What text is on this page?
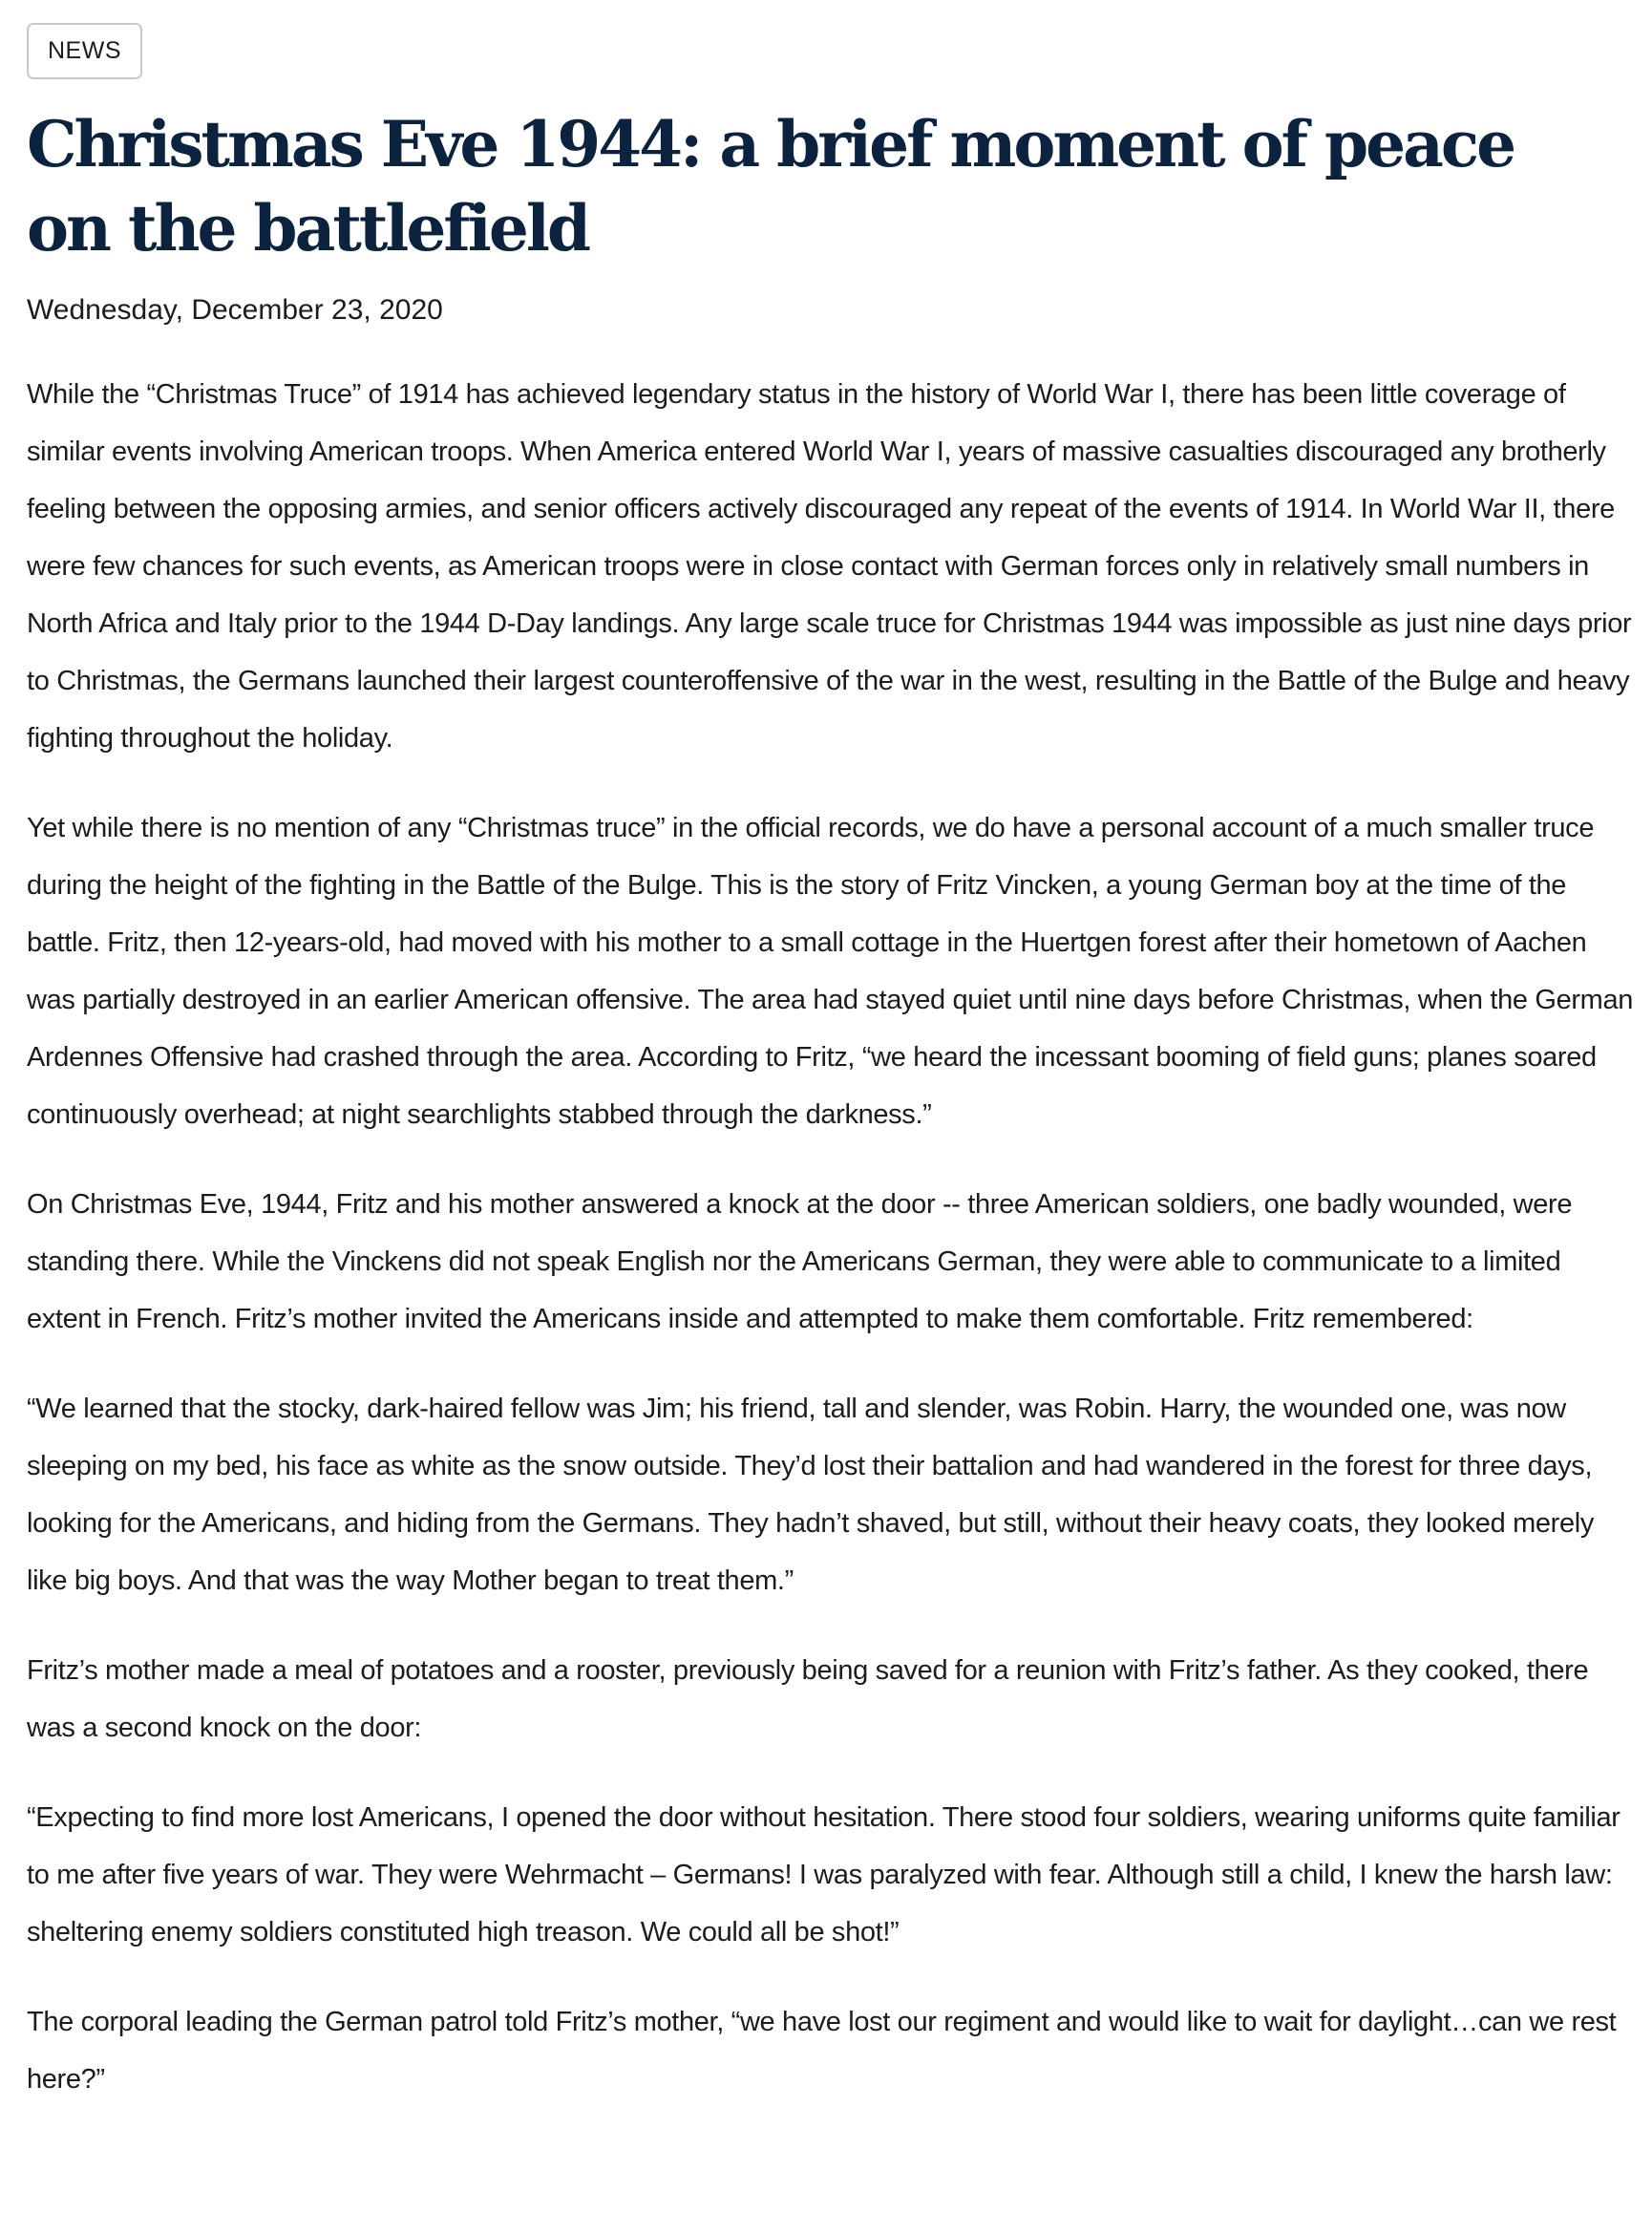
NEWS
Christmas Eve 1944: a brief moment of peace on the battlefield
Wednesday, December 23, 2020

While the “Christmas Truce” of 1914 has achieved legendary status in the history of World War I, there has been little coverage of similar events involving American troops. When America entered World War I, years of massive casualties discouraged any brotherly feeling between the opposing armies, and senior officers actively discouraged any repeat of the events of 1914. In World War II, there were few chances for such events, as American troops were in close contact with German forces only in relatively small numbers in North Africa and Italy prior to the 1944 D-Day landings. Any large scale truce for Christmas 1944 was impossible as just nine days prior to Christmas, the Germans launched their largest counteroffensive of the war in the west, resulting in the Battle of the Bulge and heavy fighting throughout the holiday.

Yet while there is no mention of any “Christmas truce” in the official records, we do have a personal account of a much smaller truce during the height of the fighting in the Battle of the Bulge. This is the story of Fritz Vincken, a young German boy at the time of the battle. Fritz, then 12-years-old, had moved with his mother to a small cottage in the Huertgen forest after their hometown of Aachen was partially destroyed in an earlier American offensive. The area had stayed quiet until nine days before Christmas, when the German Ardennes Offensive had crashed through the area. According to Fritz, “we heard the incessant booming of field guns; planes soared continuously overhead; at night searchlights stabbed through the darkness.”

On Christmas Eve, 1944, Fritz and his mother answered a knock at the door -- three American soldiers, one badly wounded, were standing there. While the Vinckens did not speak English nor the Americans German, they were able to communicate to a limited extent in French. Fritz’s mother invited the Americans inside and attempted to make them comfortable. Fritz remembered:

“We learned that the stocky, dark-haired fellow was Jim; his friend, tall and slender, was Robin. Harry, the wounded one, was now sleeping on my bed, his face as white as the snow outside. They’d lost their battalion and had wandered in the forest for three days, looking for the Americans, and hiding from the Germans. They hadn’t shaved, but still, without their heavy coats, they looked merely like big boys. And that was the way Mother began to treat them.”

Fritz’s mother made a meal of potatoes and a rooster, previously being saved for a reunion with Fritz’s father. As they cooked, there was a second knock on the door:

“Expecting to find more lost Americans, I opened the door without hesitation. There stood four soldiers, wearing uniforms quite familiar to me after five years of war. They were Wehrmacht – Germans! I was paralyzed with fear. Although still a child, I knew the harsh law: sheltering enemy soldiers constituted high treason. We could all be shot!”

The corporal leading the German patrol told Fritz’s mother, “we have lost our regiment and would like to wait for daylight…can we rest here?”
